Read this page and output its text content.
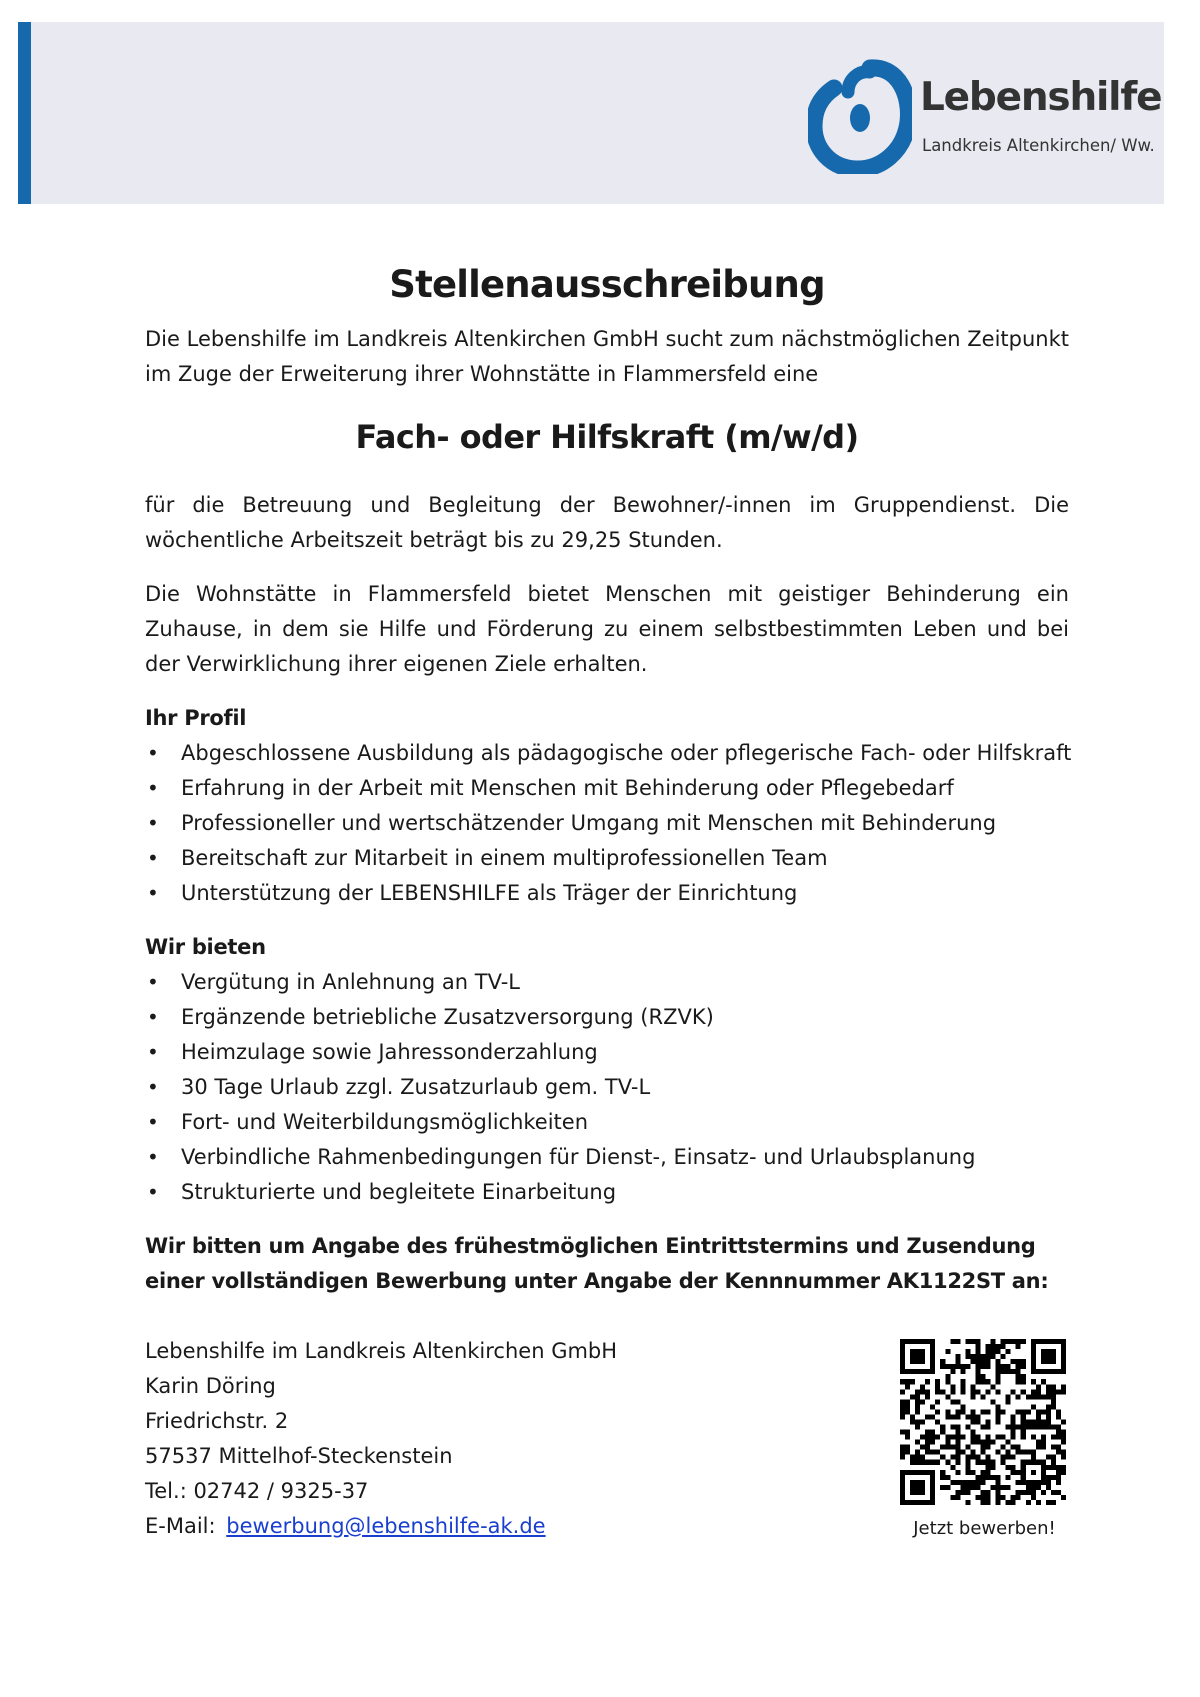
Lebenshilfe
Landkreis Altenkirchen/ Ww.
Stellenausschreibung

Die Lebenshilfe im Landkreis Altenkirchen GmbH sucht zum nächstmöglichen Zeitpunkt im Zuge der Erweiterung ihrer Wohnstätte in Flammersfeld eine

Fach- oder Hilfskraft (m/w/d)

für die Betreuung und Begleitung der Bewohner/-innen im Gruppendienst. Die wöchentliche Arbeitszeit beträgt bis zu 29,25 Stunden.

Die Wohnstätte in Flammersfeld bietet Menschen mit geistiger Behinderung ein Zuhause, in dem sie Hilfe und Förderung zu einem selbstbestimmten Leben und bei der Verwirklichung ihrer eigenen Ziele erhalten.

Ihr Profil

• Abgeschlossene Ausbildung als pädagogische oder pflegerische Fach- oder Hilfskraft
• Erfahrung in der Arbeit mit Menschen mit Behinderung oder Pflegebedarf
• Professioneller und wertschätzender Umgang mit Menschen mit Behinderung
• Bereitschaft zur Mitarbeit in einem multiprofessionellen Team
• Unterstützung der LEBENSHILFE als Träger der Einrichtung

Wir bieten

• Vergütung in Anlehnung an TV-L
• Ergänzende betriebliche Zusatzversorgung (RZVK)
• Heimzulage sowie Jahressonderzahlung
• 30 Tage Urlaub zzgl. Zusatzurlaub gem. TV-L
• Fort- und Weiterbildungsmöglichkeiten
• Verbindliche Rahmenbedingungen für Dienst-, Einsatz- und Urlaubsplanung
• Strukturierte und begleitete Einarbeitung

Wir bitten um Angabe des frühestmöglichen Eintrittstermins und Zusendung einer vollständigen Bewerbung unter Angabe der Kennnummer AK1122ST an:

Lebenshilfe im Landkreis Altenkirchen GmbH
Karin Döring
Friedrichstr. 2
57537 Mittelhof-Steckenstein
Tel.: 02742 / 9325-37
E-Mail: bewerbung@lebenshilfe-ak.de	Jetzt bewerben!
